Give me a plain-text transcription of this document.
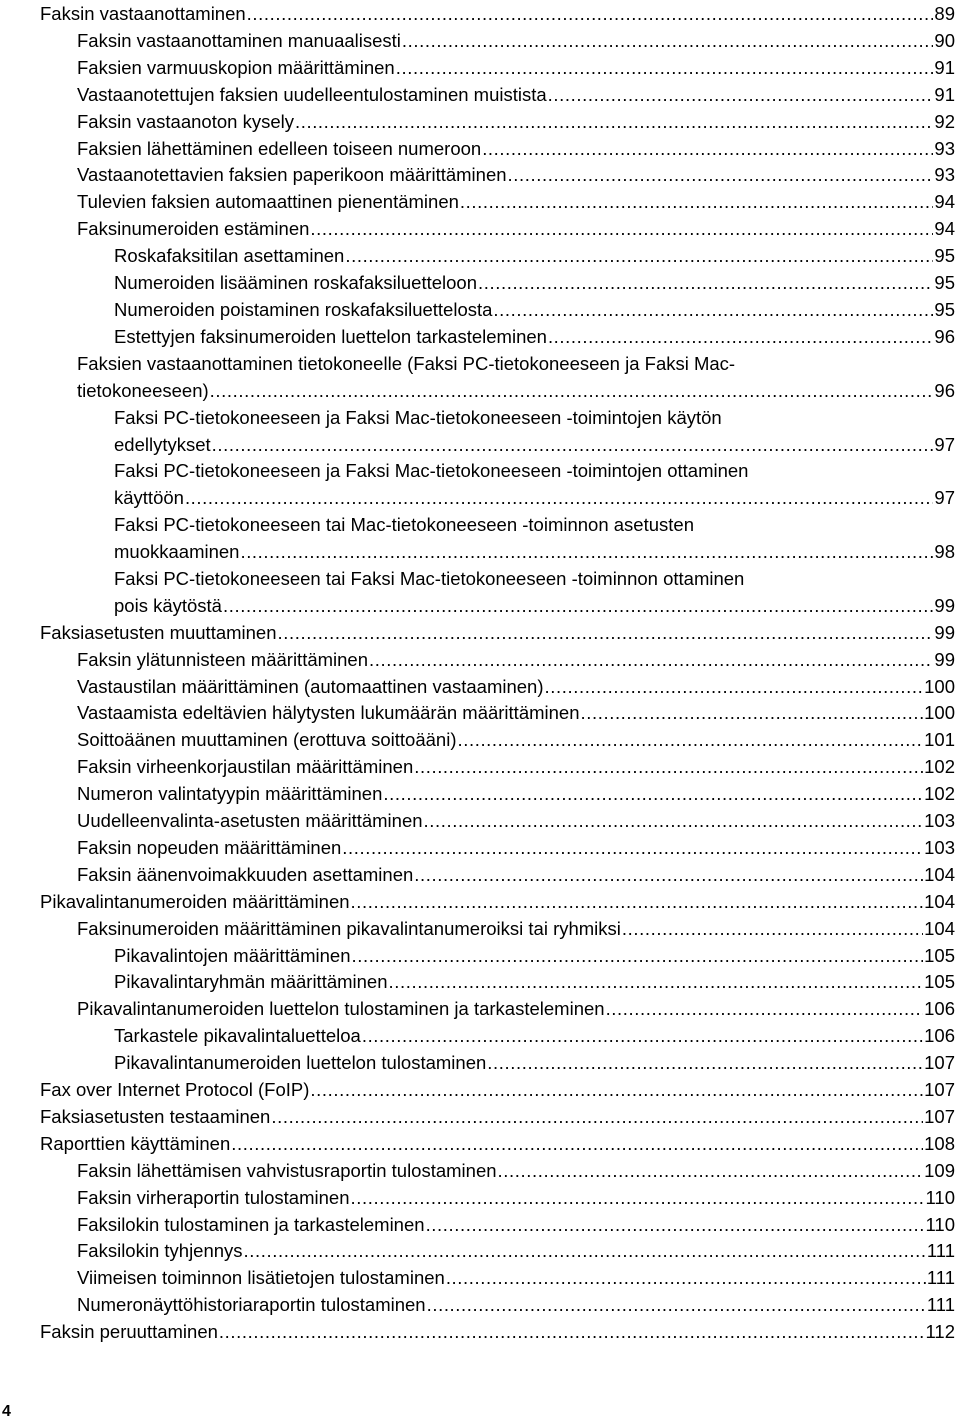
Faksin vastaanottaminen .....	89
Faksin vastaanottaminen manuaalisesti .....	90
Faksien varmuuskopion määrittäminen .....	91
Vastaanotettujen faksien uudelleentulostaminen muistista .....	91
Faksin vastaanoton kysely .....	92
Faksien lähettäminen edelleen toiseen numeroon .....	93
Vastaanotettavien faksien paperikoon määrittäminen .....	93
Tulevien faksien automaattinen pienentäminen .....	94
Faksinumeroiden estäminen .....	94
Roskafaksitilan asettaminen .....	95
Numeroiden lisääminen roskafaksiluetteloon .....	95
Numeroiden poistaminen roskafaksiluettelosta .....	95
Estettyjen faksinumeroiden luettelon tarkasteleminen .....	96
Faksien vastaanottaminen tietokoneelle (Faksi PC-tietokoneeseen ja Faksi Mac-
tietokoneeseen) .....	96
Faksi PC-tietokoneeseen ja Faksi Mac-tietokoneeseen -toimintojen käytön
edellytykset .....	97
Faksi PC-tietokoneeseen ja Faksi Mac-tietokoneeseen -toimintojen ottaminen
käyttöön .....	97
Faksi PC-tietokoneeseen tai Mac-tietokoneeseen -toiminnon asetusten
muokkaaminen .....	98
Faksi PC-tietokoneeseen tai Faksi Mac-tietokoneeseen -toiminnon ottaminen
pois käytöstä .....	99
Faksiasetusten muuttaminen .....	99
Faksin ylätunnisteen määrittäminen .....	99
Vastaustilan määrittäminen (automaattinen vastaaminen) .....	100
Vastaamista edeltävien hälytysten lukumäärän määrittäminen .....	100
Soittoäänen muuttaminen (erottuva soittoääni) .....	101
Faksin virheenkorjaustilan määrittäminen .....	102
Numeron valintatyypin määrittäminen .....	102
Uudelleenvalinta-asetusten määrittäminen .....	103
Faksin nopeuden määrittäminen .....	103
Faksin äänenvoimakkuuden asettaminen .....	104
Pikavalintanumeroiden määrittäminen .....	104
Faksinumeroiden määrittäminen pikavalintanumeroiksi tai ryhmiksi .....	104
Pikavalintojen määrittäminen .....	105
Pikavalintaryhmän määrittäminen .....	105
Pikavalintanumeroiden luettelon tulostaminen ja tarkasteleminen .....	106
Tarkastele pikavalintaluetteloa .....	106
Pikavalintanumeroiden luettelon tulostaminen .....	107
Fax over Internet Protocol (FoIP) .....	107
Faksiasetusten testaaminen .....	107
Raporttien käyttäminen .....	108
Faksin lähettämisen vahvistusraportin tulostaminen .....	109
Faksin virheraportin tulostaminen .....	110
Faksilokin tulostaminen ja tarkasteleminen .....	110
Faksilokin tyhjennys .....	111
Viimeisen toiminnon lisätietojen tulostaminen .....	111
Numeronäyttöhistoriaraportin tulostaminen .....	111
Faksin peruuttaminen .....	112
4
